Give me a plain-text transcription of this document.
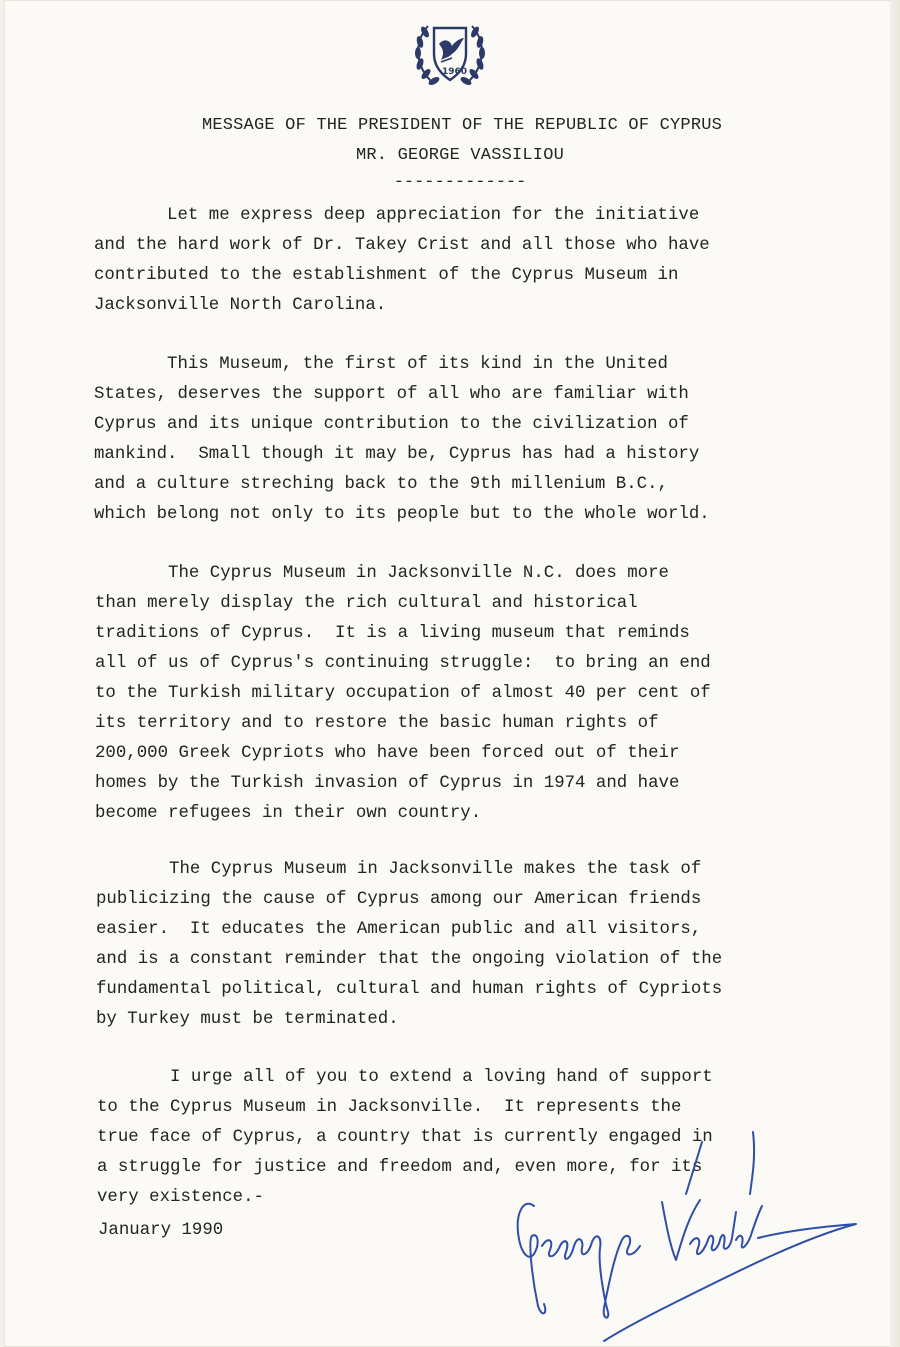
1960
MESSAGE OF THE PRESIDENT OF THE REPUBLIC OF CYPRUS
MR. GEORGE VASSILIOU
-------------
Let me express deep appreciation for the initiative
and the hard work of Dr. Takey Crist and all those who have
contributed to the establishment of the Cyprus Museum in
Jacksonville North Carolina.
This Museum, the first of its kind in the United
States, deserves the support of all who are familiar with
Cyprus and its unique contribution to the civilization of
mankind.  Small though it may be, Cyprus has had a history
and a culture streching back to the 9th millenium B.C.,
which belong not only to its people but to the whole world.
The Cyprus Museum in Jacksonville N.C. does more
than merely display the rich cultural and historical
traditions of Cyprus.  It is a living museum that reminds
all of us of Cyprus's continuing struggle:  to bring an end
to the Turkish military occupation of almost 40 per cent of
its territory and to restore the basic human rights of
200,000 Greek Cypriots who have been forced out of their
homes by the Turkish invasion of Cyprus in 1974 and have
become refugees in their own country.
The Cyprus Museum in Jacksonville makes the task of
publicizing the cause of Cyprus among our American friends
easier.  It educates the American public and all visitors,
and is a constant reminder that the ongoing violation of the
fundamental political, cultural and human rights of Cypriots
by Turkey must be terminated.
I urge all of you to extend a loving hand of support
to the Cyprus Museum in Jacksonville.  It represents the
true face of Cyprus, a country that is currently engaged in
a struggle for justice and freedom and, even more, for its
very existence.-
January 1990
